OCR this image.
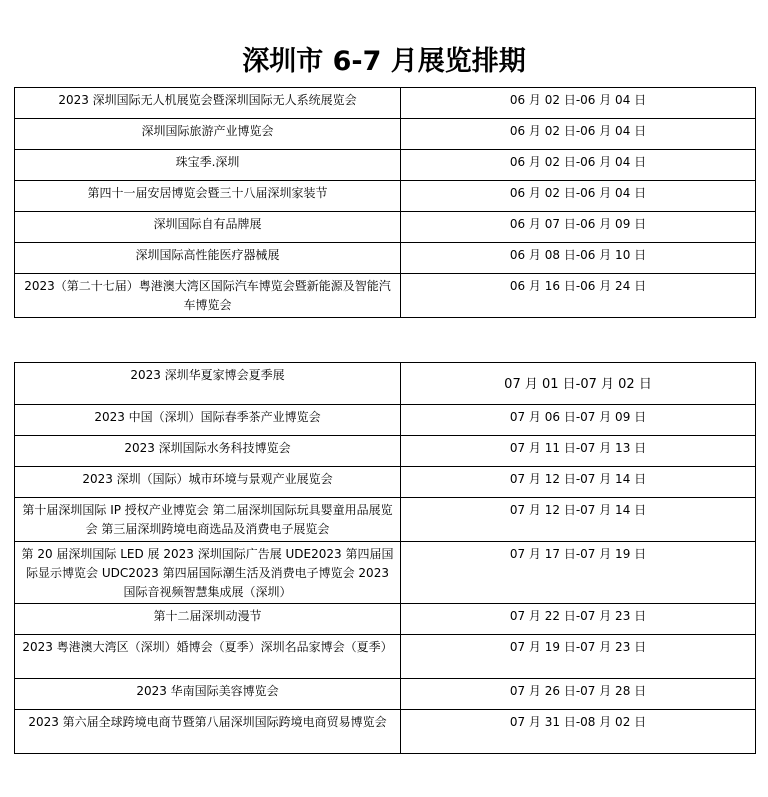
深圳市 6-7 月展览排期
2023 深圳国际无人机展览会暨深圳国际无人系统展览会	06 月 02 日-06 月 04 日
深圳国际旅游产业博览会	06 月 02 日-06 月 04 日
珠宝季.深圳	06 月 02 日-06 月 04 日
第四十一届安居博览会暨三十八届深圳家装节	06 月 02 日-06 月 04 日
深圳国际自有品牌展	06 月 07 日-06 月 09 日
深圳国际高性能医疗器械展	06 月 08 日-06 月 10 日
2023（第二十七届）粤港澳大湾区国际汽车博览会暨新能源及智能汽车博览会	06 月 16 日-06 月 24 日
2023 深圳华夏家博会夏季展	07 月 01 日-07 月 02 日
2023 中国（深圳）国际春季茶产业博览会	07 月 06 日-07 月 09 日
2023 深圳国际水务科技博览会	07 月 11 日-07 月 13 日
2023 深圳（国际）城市环境与景观产业展览会	07 月 12 日-07 月 14 日
第十届深圳国际 IP 授权产业博览会 第二届深圳国际玩具婴童用品展览会 第三届深圳跨境电商选品及消费电子展览会	07 月 12 日-07 月 14 日
第 20 届深圳国际 LED 展 2023 深圳国际广告展 UDE2023 第四届国际显示博览会 UDC2023 第四届国际潮生活及消费电子博览会 2023 国际音视频智慧集成展（深圳）	07 月 17 日-07 月 19 日
第十二届深圳动漫节	07 月 22 日-07 月 23 日
2023 粤港澳大湾区（深圳）婚博会（夏季）深圳名品家博会（夏季）	07 月 19 日-07 月 23 日
2023 华南国际美容博览会	07 月 26 日-07 月 28 日
2023 第六届全球跨境电商节暨第八届深圳国际跨境电商贸易博览会	07 月 31 日-08 月 02 日
